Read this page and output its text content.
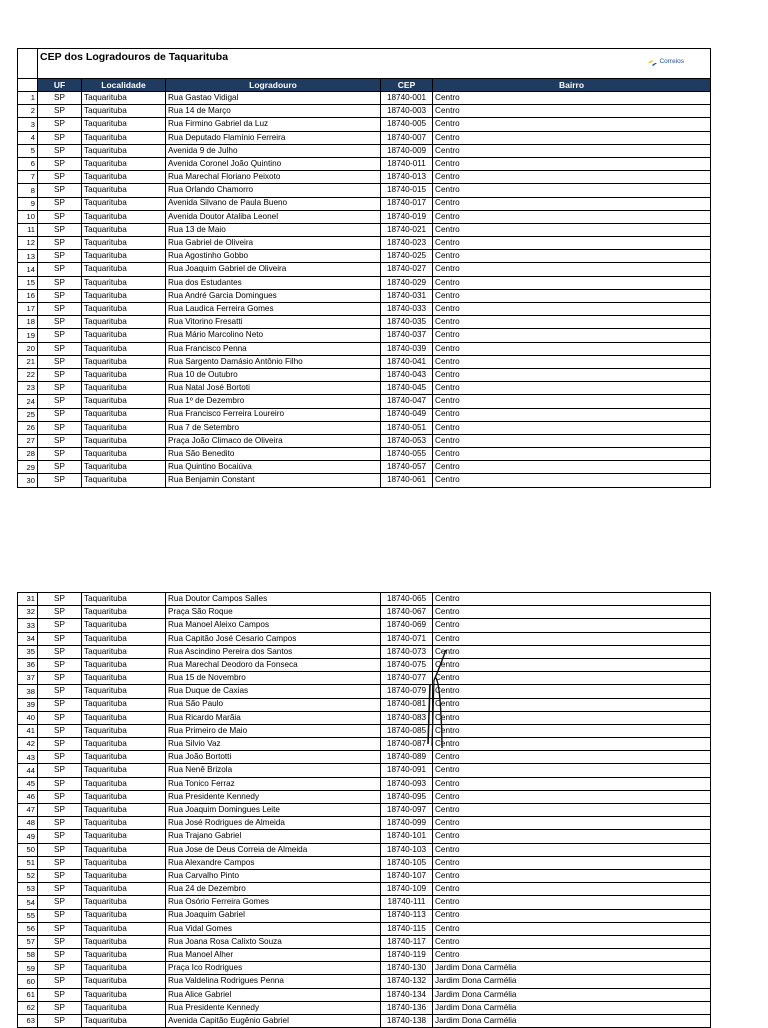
	CEP dos Logradouros de Taquarituba				Correios

	UF	Localidade	Logradouro	CEP	Bairro
1	SP	Taquarituba	Rua Gastao Vidigal	18740-001	Centro
2	SP	Taquarituba	Rua 14 de Março	18740-003	Centro
3	SP	Taquarituba	Rua Firmino Gabriel da Luz	18740-005	Centro
4	SP	Taquarituba	Rua Deputado Flamínio Ferreira	18740-007	Centro
5	SP	Taquarituba	Avenida 9 de Julho	18740-009	Centro
6	SP	Taquarituba	Avenida Coronel João Quintino	18740-011	Centro
7	SP	Taquarituba	Rua Marechal Floriano Peixoto	18740-013	Centro
8	SP	Taquarituba	Rua Orlando Chamorro	18740-015	Centro
9	SP	Taquarituba	Avenida Silvano de Paula Bueno	18740-017	Centro
10	SP	Taquarituba	Avenida Doutor Ataliba Leonel	18740-019	Centro
11	SP	Taquarituba	Rua 13 de Maio	18740-021	Centro
12	SP	Taquarituba	Rua Gabriel de Oliveira	18740-023	Centro
13	SP	Taquarituba	Rua Agostinho Gobbo	18740-025	Centro
14	SP	Taquarituba	Rua Joaquim Gabriel de Oliveira	18740-027	Centro
15	SP	Taquarituba	Rua dos Estudantes	18740-029	Centro
16	SP	Taquarituba	Rua André Garcia Domingues	18740-031	Centro
17	SP	Taquarituba	Rua Laudica Ferreira Gomes	18740-033	Centro
18	SP	Taquarituba	Rua Vitorino Fresatti	18740-035	Centro
19	SP	Taquarituba	Rua Mário Marcolino Neto	18740-037	Centro
20	SP	Taquarituba	Rua Francisco Penna	18740-039	Centro
21	SP	Taquarituba	Rua Sargento Damásio Antônio Filho	18740-041	Centro
22	SP	Taquarituba	Rua 10 de Outubro	18740-043	Centro
23	SP	Taquarituba	Rua Natal José Bortoti	18740-045	Centro
24	SP	Taquarituba	Rua 1º de Dezembro	18740-047	Centro
25	SP	Taquarituba	Rua Francisco Ferreira Loureiro	18740-049	Centro
26	SP	Taquarituba	Rua 7 de Setembro	18740-051	Centro
27	SP	Taquarituba	Praça João Climaco de Oliveira	18740-053	Centro
28	SP	Taquarituba	Rua São Benedito	18740-055	Centro
29	SP	Taquarituba	Rua Quintino Bocaiúva	18740-057	Centro
30	SP	Taquarituba	Rua Benjamin Constant	18740-061	Centro
31	SP	Taquarituba	Rua Doutor Campos Salles	18740-065	Centro
32	SP	Taquarituba	Praça São Roque	18740-067	Centro
33	SP	Taquarituba	Rua Manoel Aleixo Campos	18740-069	Centro
34	SP	Taquarituba	Rua Capitão José Cesario Campos	18740-071	Centro
35	SP	Taquarituba	Rua Ascindino Pereira dos Santos	18740-073	Centro
36	SP	Taquarituba	Rua Marechal Deodoro da Fonseca	18740-075	Centro
37	SP	Taquarituba	Rua 15 de Novembro	18740-077	Centro
38	SP	Taquarituba	Rua Duque de Caxias	18740-079	Centro
39	SP	Taquarituba	Rua São Paulo	18740-081	Centro
40	SP	Taquarituba	Rua Ricardo Marãia	18740-083	Centro
41	SP	Taquarituba	Rua Primeiro de Maio	18740-085	Centro
42	SP	Taquarituba	Rua Silvio Vaz	18740-087	Centro
43	SP	Taquarituba	Rua João Bortotti	18740-089	Centro
44	SP	Taquarituba	Rua Nenê Brizola	18740-091	Centro
45	SP	Taquarituba	Rua Tonico Ferraz	18740-093	Centro
46	SP	Taquarituba	Rua Presidente Kennedy	18740-095	Centro
47	SP	Taquarituba	Rua Joaquim Domingues Leite	18740-097	Centro
48	SP	Taquarituba	Rua José Rodrigues de Almeida	18740-099	Centro
49	SP	Taquarituba	Rua Trajano Gabriel	18740-101	Centro
50	SP	Taquarituba	Rua Jose de Deus Correia de Almeida	18740-103	Centro
51	SP	Taquarituba	Rua Alexandre Campos	18740-105	Centro
52	SP	Taquarituba	Rua Carvalho Pinto	18740-107	Centro
53	SP	Taquarituba	Rua 24 de Dezembro	18740-109	Centro
54	SP	Taquarituba	Rua Osório Ferreira Gomes	18740-111	Centro
55	SP	Taquarituba	Rua Joaquim Gabriel	18740-113	Centro
56	SP	Taquarituba	Rua Vidal Gomes	18740-115	Centro
57	SP	Taquarituba	Rua Joana Rosa Calixto Souza	18740-117	Centro
58	SP	Taquarituba	Rua Manoel Alher	18740-119	Centro
59	SP	Taquarituba	Praça Ico Rodrigues	18740-130	Jardim Dona Carmélia
60	SP	Taquarituba	Rua Valdelina Rodrigues Penna	18740-132	Jardim Dona Carmélia
61	SP	Taquarituba	Rua Alice Gabriel	18740-134	Jardim Dona Carmélia
62	SP	Taquarituba	Rua Presidente Kennedy	18740-136	Jardim Dona Carmélia
63	SP	Taquarituba	Avenida Capitão Eugênio Gabriel	18740-138	Jardim Dona Carmélia
